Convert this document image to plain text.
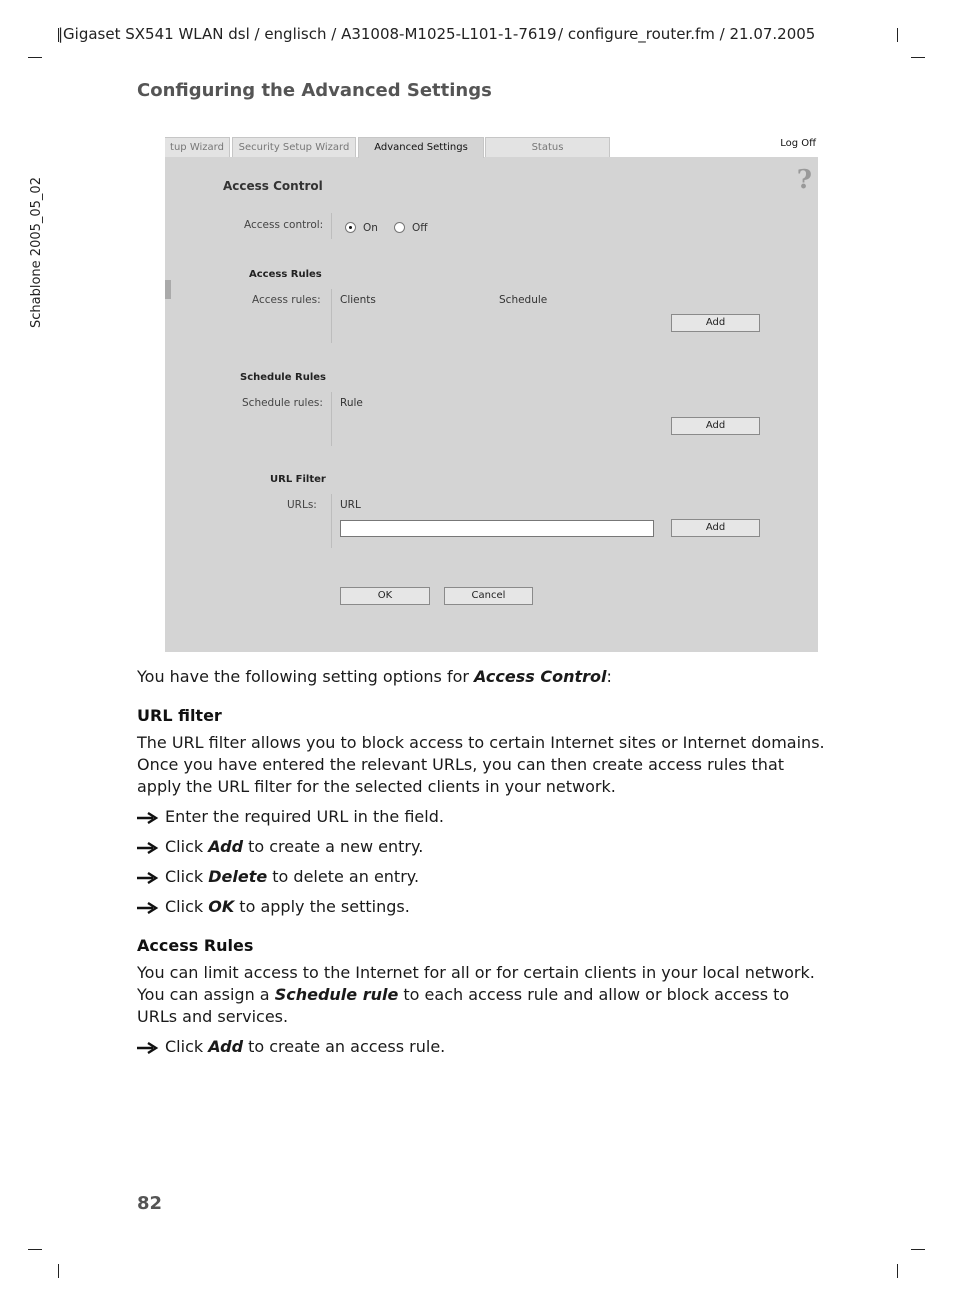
|Gigaset SX541 WLAN dsl / englisch / A31008-M1025-L101-1-7619 / configure_router.fm / 21.07.2005
Schablone 2005_05_02
Configuring the Advanced Settings
tup Wizard	Security Setup Wizard	Advanced Settings	Status	Log Off
?
Access Control
Access control:	On	Off
Access Rules
Access rules: Clients	Schedule
Add
Schedule Rules
Schedule rules: Rule
Add
URL Filter
URLs: URL
Add
OK	Cancel
You have the following setting options for Access Control:
URL filter
The URL filter allows you to block access to certain Internet sites or Internet domains. Once you have entered the relevant URLs, you can then create access rules that apply the URL filter for the selected clients in your network.
Enter the required URL in the field.
Click Add to create a new entry.
Click Delete to delete an entry.
Click OK to apply the settings.
Access Rules
You can limit access to the Internet for all or for certain clients in your local network. You can assign a Schedule rule to each access rule and allow or block access to URLs and services.
Click Add to create an access rule.
82
